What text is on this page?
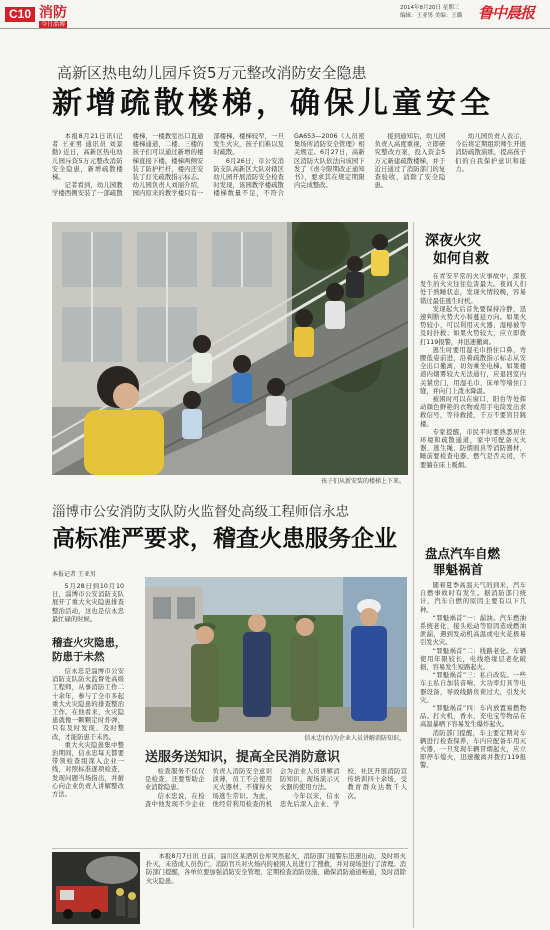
C10 消防
今日淄博
2014年8月20日 星期三
编辑：王亚男 美编：王璐 鲁中晨报
高新区热电幼儿园斥资5万元整改消防安全隐患
新增疏散楼梯，确保儿童安全

本报8月21日讯(记者 王亚男 通讯员 刘景勤) 近日，高新区热电幼儿园斥资5万元整改消防安全隐患，新增疏散楼梯。

记者看到，幼儿园教学楼西侧安装了一部疏散楼梯，一楼教室出口直通楼梯通道，二楼、三楼的孩子们可以通过新增的楼梯直接下楼。楼梯两侧安装了防护栏杆，楼内还安装了灯光疏散指示标志。幼儿园负责人刘丽介绍，园内原来的教学楼只有一部楼梯，楼梯较窄，一旦发生火灾，孩子们难以及时疏散。

6月26日，市公安消防支队高新区大队对辖区幼儿园开展消防安全检查时发现，该园教学楼疏散楼梯数量不足，不符合GA653—2006《人员密集场所消防安全管理》相关规定。6月27日，高新区消防大队依法向该园下发了《责令限期改正通知书》，要求其在规定期限内完成整改。

接到通知后，幼儿园负责人高度重视，立即研究整改方案，投入资金5万元新建疏散楼梯，并于近日通过了消防部门的复查验收，消除了安全隐患。

幼儿园负责人表示，今后将定期组织师生开展消防疏散演练，提高孩子们的自我保护意识和能力。

孩子们从新安装的楼梯上下来。
深夜火灾
如何自救

在青安平常的火灾事故中，深夜发生的火灾往往危害最大。夜间人们处于熟睡状态，发现火情较晚，容易错过最佳逃生时机。

发现起火后首先要保持冷静，迅速判断火势大小和蔓延方向。如果火势较小，可以利用灭火器、湿棉被等及时扑救；如果火势较大，应立即拨打119报警，并迅速撤离。

逃生时要用湿毛巾捂住口鼻，弯腰低姿前进，沿着疏散指示标志从安全出口撤离，切勿乘坐电梯。如果楼道内烟雾较大无法通行，应退回室内关紧房门，用湿毛巾、床单等堵住门缝，并向门上泼水降温。

被困时可以在窗口、阳台等处挥动颜色鲜艳的衣物或用手电筒发出求救信号，等待救援，千万不要盲目跳楼。

专家提醒，市民平时要熟悉居住环境和疏散通道，家中可配备灭火器、逃生绳、防烟面具等消防器材，睡前要检查电器、燃气是否关闭，不要躺在床上吸烟。

淄博市公安消防支队防火监督处高级工程师信永忠
高标准严要求，稽查火患服务企业
本报记者 王亚男

5月28日到10月10日，淄博市公安消防支队展开了重大火灾隐患排查整治活动，这也是信永忠最忙碌的时候。

稽查火灾隐患，
防患于未然

信永忠是淄博市公安消防支队防火监督处高级工程师，从事消防工作二十余年，参与了全市多起重大火灾隐患的排查整治工作。在他看来，火灾隐患就像一颗颗定时炸弹，只有及时发现、及时整改，才能防患于未然。

重大火灾隐患集中整治期间，信永忠每天都要带领检查组深入企业一线，对照标准逐项检查，发现问题当场指出，并耐心向企业负责人讲解整改方法。

信永忠(右)为企业人员讲解消防知识。
送服务送知识，提高全民消防意识

检查服务不仅仅是检查，还要帮助企业消除隐患。

信永忠说，在检查中他发现不少企业负责人消防安全意识淡薄，员工不会使用灭火器材，不懂得火场逃生常识。为此，他经常利用检查的机会为企业人员讲解消防知识，现场演示灭火器的使用方法。

今年以来，信永忠先后深入企业、学校、社区开展消防宣传培训四十余场，受教育群众达数千人次。

盘点汽车自燃
罪魁祸首

随着夏季高温天气的到来，汽车自燃事故时有发生。据消防部门统计，汽车自燃的原因主要有以下几种。

“罪魁祸首”一：漏油。汽车燃油系统老化、接头松动等原因造成燃油泄漏，遇到发动机高温或电火花极易引发火灾。

“罪魁祸首”二：线路老化。车辆使用年限较长，电线绝缘层老化破损，容易发生短路起火。

“罪魁祸首”三：私自改装。一些车主私自加装音响、大功率灯具等电器设备，导致线路负荷过大，引发火灾。

“罪魁祸首”四：车内放置易燃物品。打火机、香水、充电宝等物品在高温暴晒下容易发生爆炸起火。

消防部门提醒，车主要定期对车辆进行检查保养，车内应配备车用灭火器，一旦发现车辆冒烟起火，应立即停车熄火，迅速撤离并拨打119报警。

本报8月7日讯 日前，淄川区某酒店仓库突然起火，消防部门接警后迅速出动，及时将火扑灭，未造成人员伤亡。消防官兵对火场内的被困人员进行了搜救，并对现场进行了清理。消防部门提醒，各单位要加强消防安全管理，定期检查消防设施，确保消防通道畅通，及时消除火灾隐患。
